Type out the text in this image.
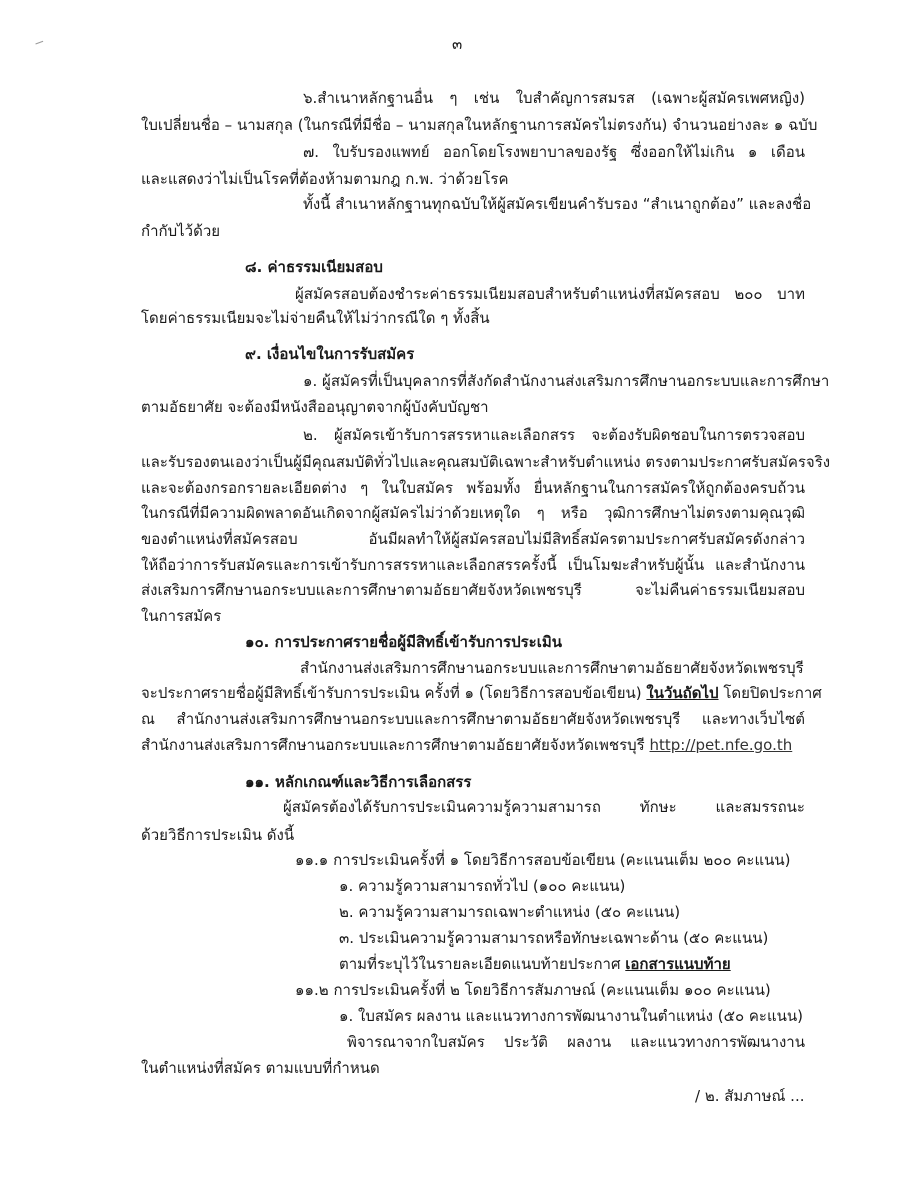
๓

๖.สำเนาหลักฐานอื่น ๆ เช่น ใบสำคัญการสมรส (เฉพาะผู้สมัครเพศหญิง)

ใบเปลี่ยนชื่อ – นามสกุล (ในกรณีที่มีชื่อ – นามสกุลในหลักฐานการสมัครไม่ตรงกัน) จำนวนอย่างละ ๑ ฉบับ

๗. ใบรับรองแพทย์ ออกโดยโรงพยาบาลของรัฐ ซึ่งออกให้ไม่เกิน ๑ เดือน

และแสดงว่าไม่เป็นโรคที่ต้องห้ามตามกฎ ก.พ. ว่าด้วยโรค

ทั้งนี้ สำเนาหลักฐานทุกฉบับให้ผู้สมัครเขียนคำรับรอง “สำเนาถูกต้อง” และลงชื่อ

กำกับไว้ด้วย

๘. ค่าธรรมเนียมสอบ

ผู้สมัครสอบต้องชำระค่าธรรมเนียมสอบสำหรับตำแหน่งที่สมัครสอบ ๒๐๐ บาท

โดยค่าธรรมเนียมจะไม่จ่ายคืนให้ไม่ว่ากรณีใด ๆ ทั้งสิ้น

๙. เงื่อนไขในการรับสมัคร

๑. ผู้สมัครที่เป็นบุคลากรที่สังกัดสำนักงานส่งเสริมการศึกษานอกระบบและการศึกษา

ตามอัธยาศัย จะต้องมีหนังสืออนุญาตจากผู้บังคับบัญชา

๒. ผู้สมัครเข้ารับการสรรหาและเลือกสรร จะต้องรับผิดชอบในการตรวจสอบ

และรับรองตนเองว่าเป็นผู้มีคุณสมบัติทั่วไปและคุณสมบัติเฉพาะสำหรับตำแหน่ง ตรงตามประกาศรับสมัครจริง

และจะต้องกรอกรายละเอียดต่าง ๆ ในใบสมัคร พร้อมทั้ง ยื่นหลักฐานในการสมัครให้ถูกต้องครบถ้วน

ในกรณีที่มีความผิดพลาดอันเกิดจากผู้สมัครไม่ว่าด้วยเหตุใด ๆ หรือ วุฒิการศึกษาไม่ตรงตามคุณวุฒิ

ของตำแหน่งที่สมัครสอบ อันมีผลทำให้ผู้สมัครสอบไม่มีสิทธิ์สมัครตามประกาศรับสมัครดังกล่าว

ให้ถือว่าการรับสมัครและการเข้ารับการสรรหาและเลือกสรรครั้งนี้ เป็นโมฆะสำหรับผู้นั้น และสำนักงาน

ส่งเสริมการศึกษานอกระบบและการศึกษาตามอัธยาศัยจังหวัดเพชรบุรี จะไม่คืนค่าธรรมเนียมสอบ

ในการสมัคร

๑๐. การประกาศรายชื่อผู้มีสิทธิ์เข้ารับการประเมิน

สำนักงานส่งเสริมการศึกษานอกระบบและการศึกษาตามอัธยาศัยจังหวัดเพชรบุรี

จะประกาศรายชื่อผู้มีสิทธิ์เข้ารับการประเมิน ครั้งที่ ๑ (โดยวิธีการสอบข้อเขียน) ในวันถัดไป โดยปิดประกาศ

ณ สำนักงานส่งเสริมการศึกษานอกระบบและการศึกษาตามอัธยาศัยจังหวัดเพชรบุรี และทางเว็บไซต์

สำนักงานส่งเสริมการศึกษานอกระบบและการศึกษาตามอัธยาศัยจังหวัดเพชรบุรี http://pet.nfe.go.th

๑๑. หลักเกณฑ์และวิธีการเลือกสรร

ผู้สมัครต้องได้รับการประเมินความรู้ความสามารถ ทักษะ และสมรรถนะ

ด้วยวิธีการประเมิน ดังนี้

๑๑.๑ การประเมินครั้งที่ ๑ โดยวิธีการสอบข้อเขียน (คะแนนเต็ม ๒๐๐ คะแนน)

๑. ความรู้ความสามารถทั่วไป (๑๐๐ คะแนน)

๒. ความรู้ความสามารถเฉพาะตำแหน่ง (๕๐ คะแนน)

๓. ประเมินความรู้ความสามารถหรือทักษะเฉพาะด้าน (๕๐ คะแนน)

ตามที่ระบุไว้ในรายละเอียดแนบท้ายประกาศ เอกสารแนบท้าย

๑๑.๒ การประเมินครั้งที่ ๒ โดยวิธีการสัมภาษณ์ (คะแนนเต็ม ๑๐๐ คะแนน)

๑. ใบสมัคร ผลงาน และแนวทางการพัฒนางานในตำแหน่ง (๕๐ คะแนน)

พิจารณาจากใบสมัคร ประวัติ ผลงาน และแนวทางการพัฒนางาน

ในตำแหน่งที่สมัคร ตามแบบที่กำหนด

/ ๒. สัมภาษณ์ ...
